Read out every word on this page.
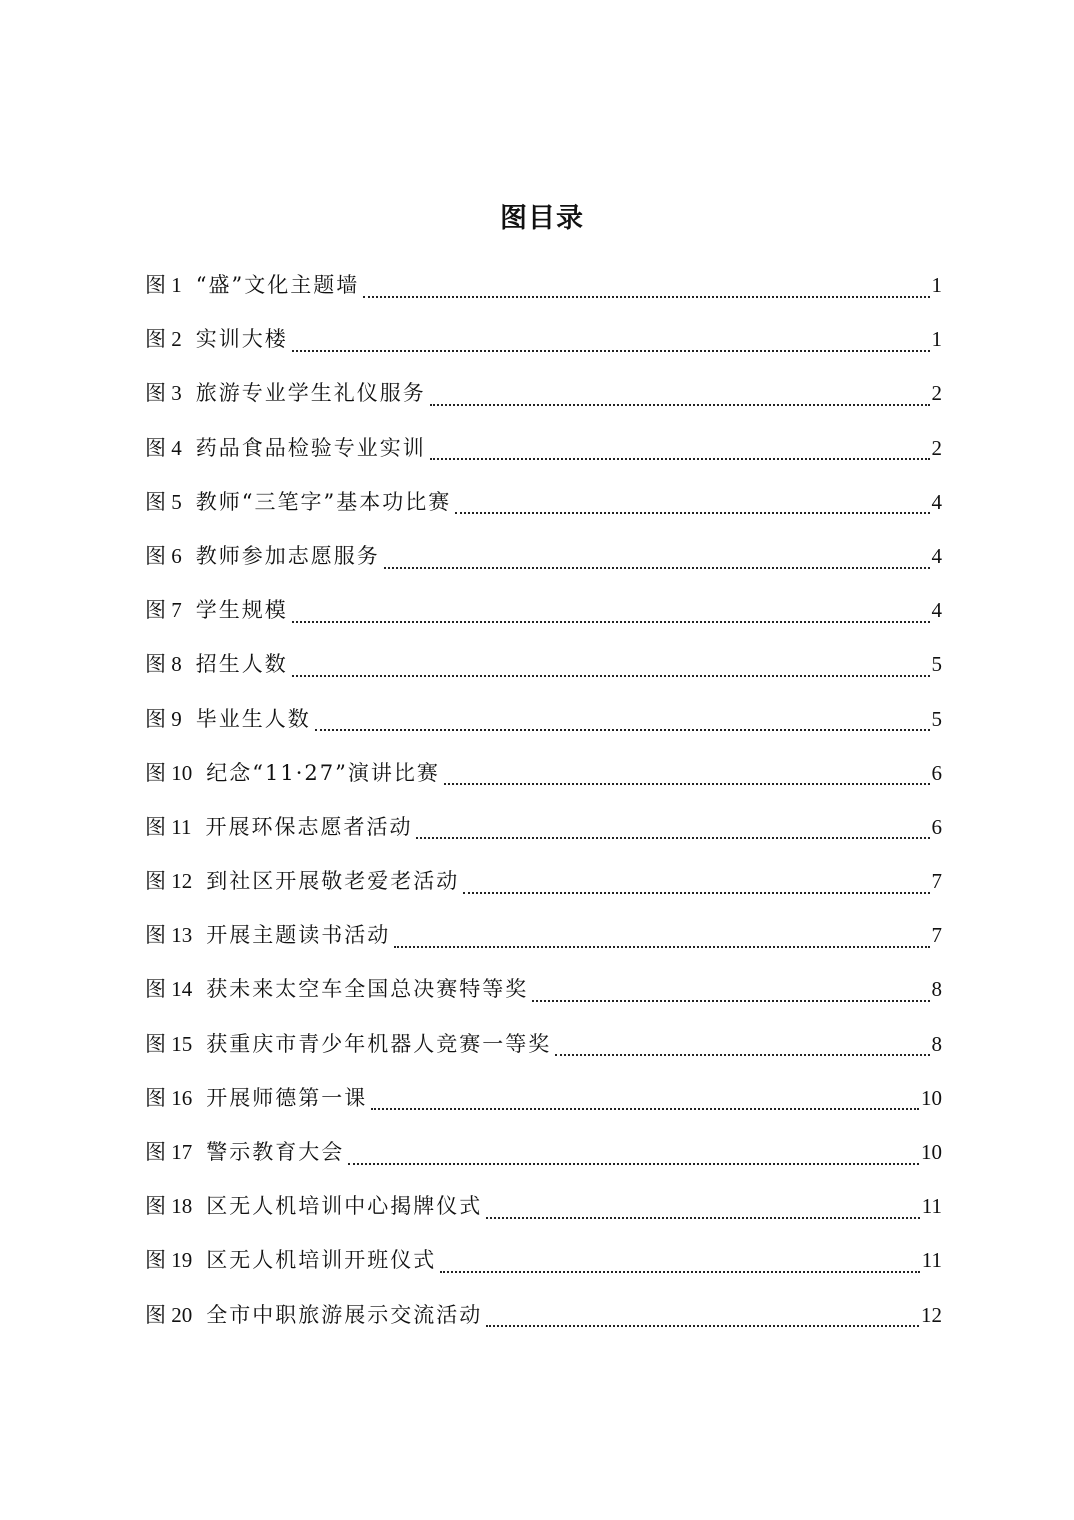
图目录
图 1 “盛”文化主题墙	1
图 2 实训大楼	1
图 3 旅游专业学生礼仪服务	2
图 4 药品食品检验专业实训	2
图 5 教师“三笔字”基本功比赛	4
图 6 教师参加志愿服务	4
图 7 学生规模	4
图 8 招生人数	5
图 9 毕业生人数	5
图 10 纪念“11·27”演讲比赛	6
图 11 开展环保志愿者活动	6
图 12 到社区开展敬老爱老活动	7
图 13 开展主题读书活动	7
图 14 获未来太空车全国总决赛特等奖	8
图 15 获重庆市青少年机器人竞赛一等奖	8
图 16 开展师德第一课	10
图 17 警示教育大会	10
图 18 区无人机培训中心揭牌仪式	11
图 19 区无人机培训开班仪式	11
图 20 全市中职旅游展示交流活动	12
